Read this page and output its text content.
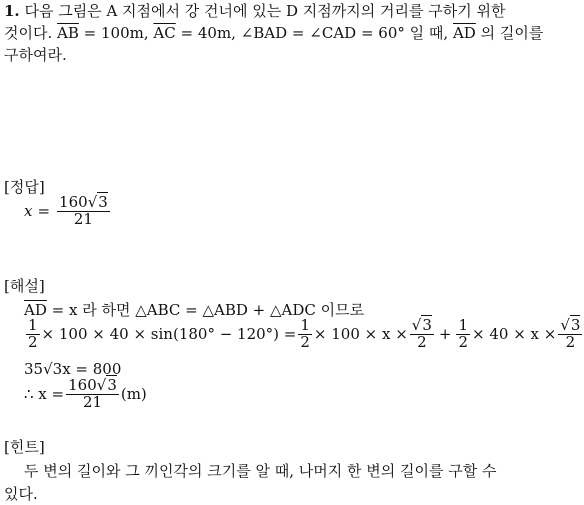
1. 다음 그림은 A 지점에서 강 건너에 있는 D 지점까지의 거리를 구하기 위한
것이다. $\overline{AB} = 100m$, $\overline{AC} = 40m$, ∠BAD = ∠CAD = 60° 일 때, $\overline{AD}$ 의 길이를
구하여라.
[정답]
$x = \frac{160√3}{21}$
[해설]
$\overline{AD} = x$ 라 하면 △ABC = △ABD + △ADC 이므로
$\frac{1}{2} \times 100 \times 40 \times \sin(180^\circ - 120^\circ) = \frac{1}{2} \times 100 \times x \times \frac{√3}{2} + \frac{1}{2} \times 40 \times x \times \frac{√3}{2}$
35√3x = 800
∴ $x = \frac{160√3}{21} (m)$
[힌트]
두 변의 길이와 그 끼인각의 크기를 알 때, 나머지 한 변의 길이를 구할 수
있다.
